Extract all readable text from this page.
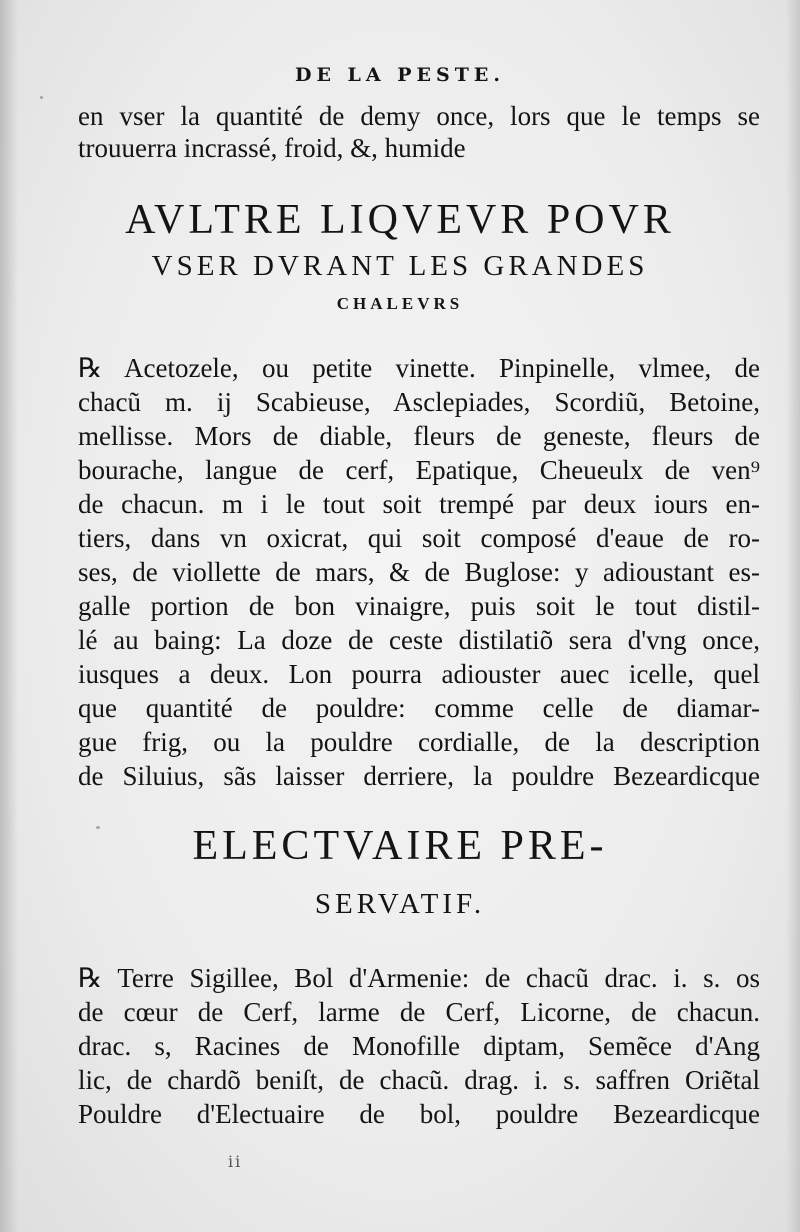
DE LA PESTE.
en vser la quantité de demy once, lors que le temps se
trouuerra incrassé, froid, &, humide
AVLTRE LIQVEVR POVR
VSER DVRANT LES GRANDES
CHALEVRS
℞ Acetozele, ou petite vinette. Pinpinelle, vlmee, de
chacũ m. ij Scabieuse, Asclepiades, Scordiũ, Betoine,
mellisse. Mors de diable, fleurs de geneste, fleurs de
bourache, langue de cerf, Epatique, Cheueulx de ven⁹
de chacun. m i le tout soit trempé par deux iours en-
tiers, dans vn oxicrat, qui soit composé d'eaue de ro-
ses, de viollette de mars, & de Buglose: y adioustant es-
galle portion de bon vinaigre, puis soit le tout distil-
lé au baing: La doze de ceste distilatiõ sera d'vng once,
iusques a deux. Lon pourra adiouster auec icelle, quel
que quantité de pouldre: comme celle de diamar-
gue frig, ou la pouldre cordialle, de la description
de Siluius, sãs laisser derriere, la pouldre Bezeardicque
ELECTVAIRE PRE-
SERVATIF.
℞ Terre Sigillee, Bol d'Armenie: de chacũ drac. i. s. os
de cœur de Cerf, larme de Cerf, Licorne, de chacun.
drac. s, Racines de Monofille diptam, Semẽce d'Ang
lic, de chardõ beniſt, de chacũ. drag. i. s. saffren Oriẽtal
Pouldre d'Electuaire de bol, pouldre Bezeardicque
ii
